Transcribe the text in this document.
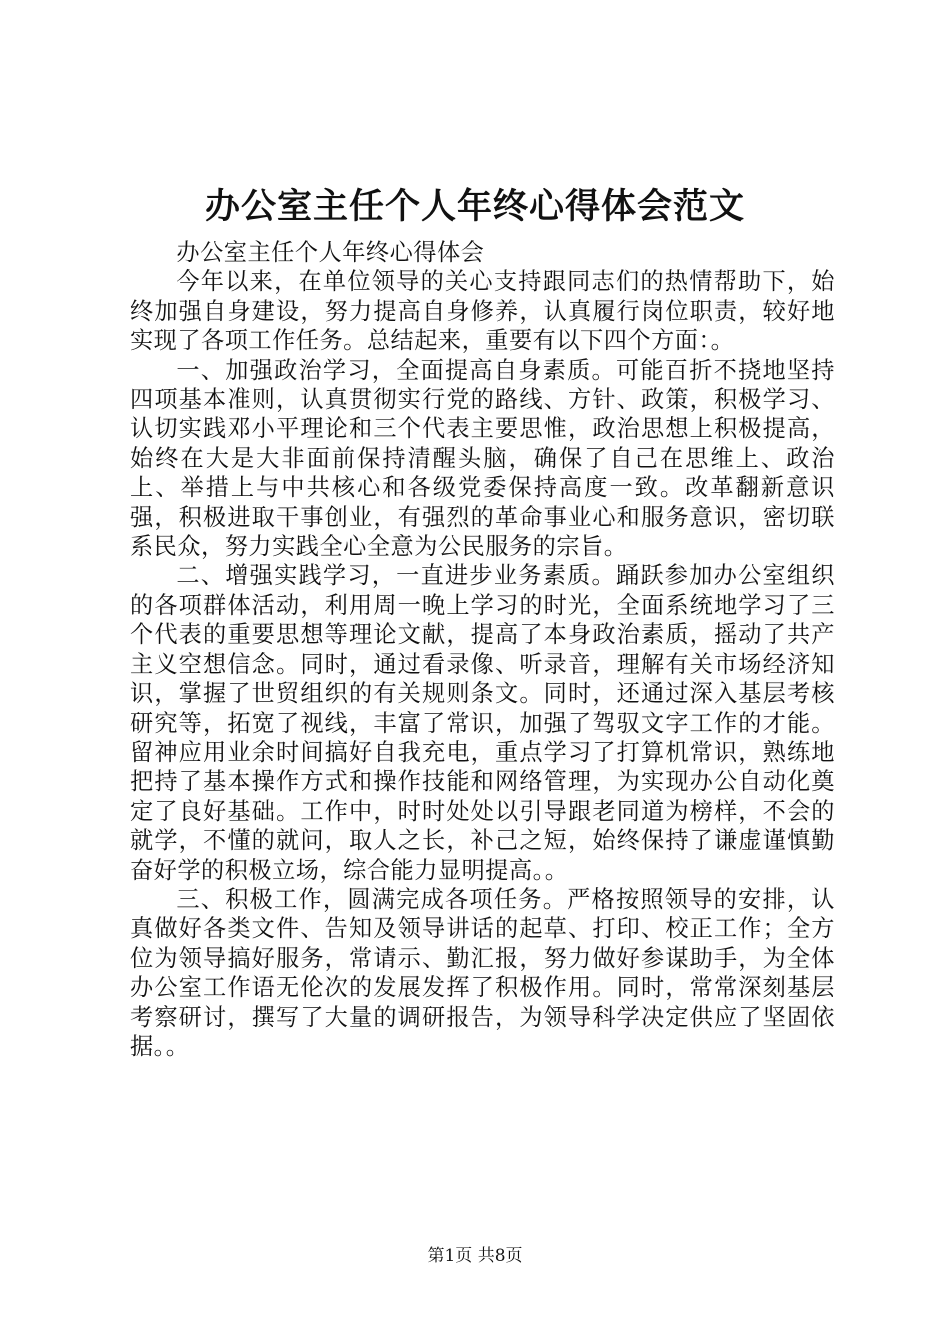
办公室主任个人年终心得体会范文

办公室主任个人年终心得体会

今年以来，在单位领导的关心支持跟同志们的热情帮助下，始终加强自身建设，努力提高自身修养，认真履行岗位职责，较好地实现了各项工作任务。总结起来，重要有以下四个方面：。

一、加强政治学习，全面提高自身素质。可能百折不挠地坚持四项基本准则，认真贯彻实行党的路线、方针、政策，积极学习、认切实践邓小平理论和三个代表主要思惟，政治思想上积极提高，始终在大是大非面前保持清醒头脑，确保了自己在思维上、政治上、举措上与中共核心和各级党委保持高度一致。改革翻新意识强，积极进取干事创业，有强烈的革命事业心和服务意识，密切联系民众，努力实践全心全意为公民服务的宗旨。

二、增强实践学习，一直进步业务素质。踊跃参加办公室组织的各项群体活动，利用周一晚上学习的时光，全面系统地学习了三个代表的重要思想等理论文献，提高了本身政治素质，摇动了共产主义空想信念。同时，通过看录像、听录音，理解有关市场经济知识，掌握了世贸组织的有关规则条文。同时，还通过深入基层考核研究等，拓宽了视线，丰富了常识，加强了驾驭文字工作的才能。留神应用业余时间搞好自我充电，重点学习了打算机常识，熟练地把持了基本操作方式和操作技能和网络管理，为实现办公自动化奠定了良好基础。工作中，时时处处以引导跟老同道为榜样，不会的就学，不懂的就问，取人之长，补己之短，始终保持了谦虚谨慎勤奋好学的积极立场，综合能力显明提高。。

三、积极工作，圆满完成各项任务。严格按照领导的安排，认真做好各类文件、告知及领导讲话的起草、打印、校正工作；全方位为领导搞好服务，常请示、勤汇报，努力做好参谋助手，为全体办公室工作语无伦次的发展发挥了积极作用。同时，常常深刻基层考察研讨，撰写了大量的调研报告，为领导科学决定供应了坚固依据。。

第1页 共8页
